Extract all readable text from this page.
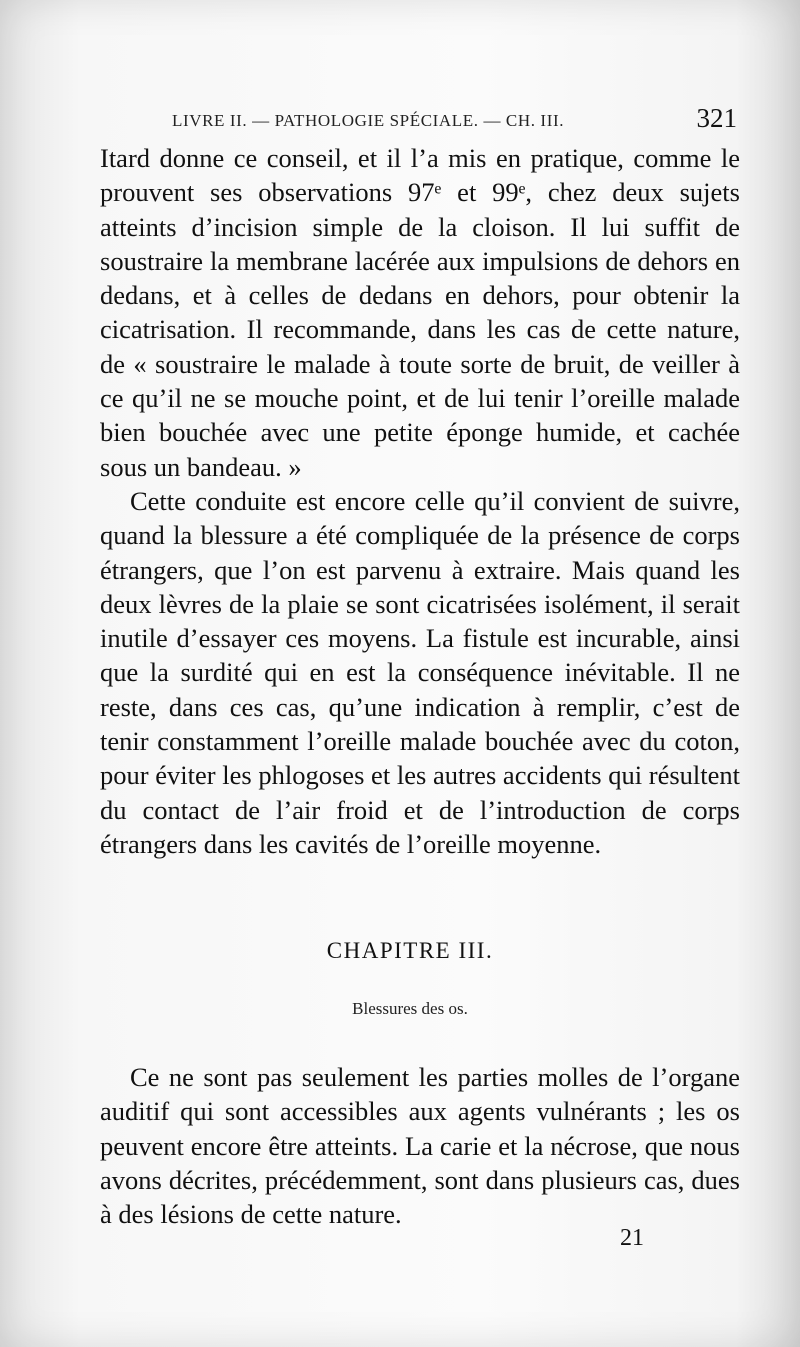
LIVRE II. — PATHOLOGIE SPÉCIALE. — CH. III.	321

Itard donne ce conseil, et il l’a mis en pratique, comme le prouvent ses observations 97ᵉ et 99ᵉ, chez deux sujets atteints d’incision simple de la cloison. Il lui suffit de soustraire la membrane lacérée aux impulsions de dehors en dedans, et à celles de dedans en dehors, pour obtenir la cicatrisation. Il recommande, dans les cas de cette nature, de « soustraire le malade à toute sorte de bruit, de veiller à ce qu’il ne se mouche point, et de lui tenir l’oreille malade bien bouchée avec une petite éponge humide, et cachée sous un bandeau. »

Cette conduite est encore celle qu’il convient de suivre, quand la blessure a été compliquée de la présence de corps étrangers, que l’on est parvenu à extraire. Mais quand les deux lèvres de la plaie se sont cicatrisées isolément, il serait inutile d’essayer ces moyens. La fistule est incurable, ainsi que la surdité qui en est la conséquence inévitable. Il ne reste, dans ces cas, qu’une indication à remplir, c’est de tenir constamment l’oreille malade bouchée avec du coton, pour éviter les phlogoses et les autres accidents qui résultent du contact de l’air froid et de l’introduction de corps étrangers dans les cavités de l’oreille moyenne.

CHAPITRE III.
Blessures des os.

Ce ne sont pas seulement les parties molles de l’organe auditif qui sont accessibles aux agents vulnérants ; les os peuvent encore être atteints. La carie et la nécrose, que nous avons décrites, précédemment, sont dans plusieurs cas, dues à des lésions de cette nature.

21
